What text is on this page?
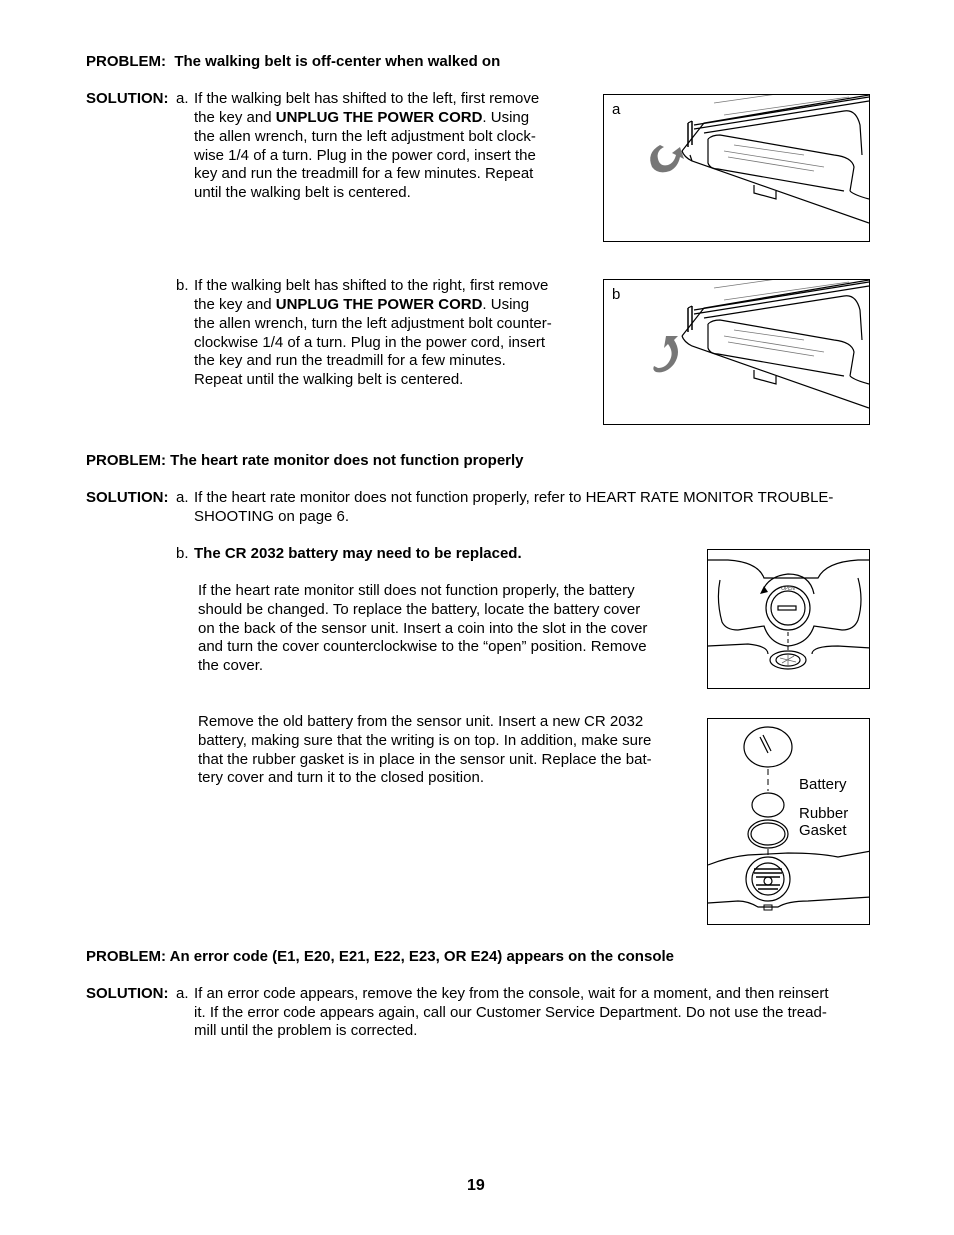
PROBLEM: The walking belt is off-center when walked on
SOLUTION: a. If the walking belt has shifted to the left, first remove
the key and UNPLUG THE POWER CORD. Using
the allen wrench, turn the left adjustment bolt clock-
wise 1/4 of a turn. Plug in the power cord, insert the
key and run the treadmill for a few minutes. Repeat
until the walking belt is centered.
a
b. If the walking belt has shifted to the right, first remove
the key and UNPLUG THE POWER CORD. Using
the allen wrench, turn the left adjustment bolt counter-
clockwise 1/4 of a turn. Plug in the power cord, insert
the key and run the treadmill for a few minutes.
Repeat until the walking belt is centered.
b
PROBLEM: The heart rate monitor does not function properly
SOLUTION: a. If the heart rate monitor does not function properly, refer to HEART RATE MONITOR TROUBLE-
SHOOTING on page 6.
b. The CR 2032 battery may need to be replaced.
If the heart rate monitor still does not function properly, the battery
should be changed. To replace the battery, locate the battery cover
on the back of the sensor unit. Insert a coin into the slot in the cover
and turn the cover counterclockwise to the “open” position. Remove
the cover.
OPEN
Remove the old battery from the sensor unit. Insert a new CR 2032
battery, making sure that the writing is on top. In addition, make sure
that the rubber gasket is in place in the sensor unit. Replace the bat-
tery cover and turn it to the closed position.	Battery
Rubber
Gasket
PROBLEM: An error code (E1, E20, E21, E22, E23, OR E24) appears on the console
SOLUTION: a. If an error code appears, remove the key from the console, wait for a moment, and then reinsert
it. If the error code appears again, call our Customer Service Department. Do not use the tread-
mill until the problem is corrected.
19
